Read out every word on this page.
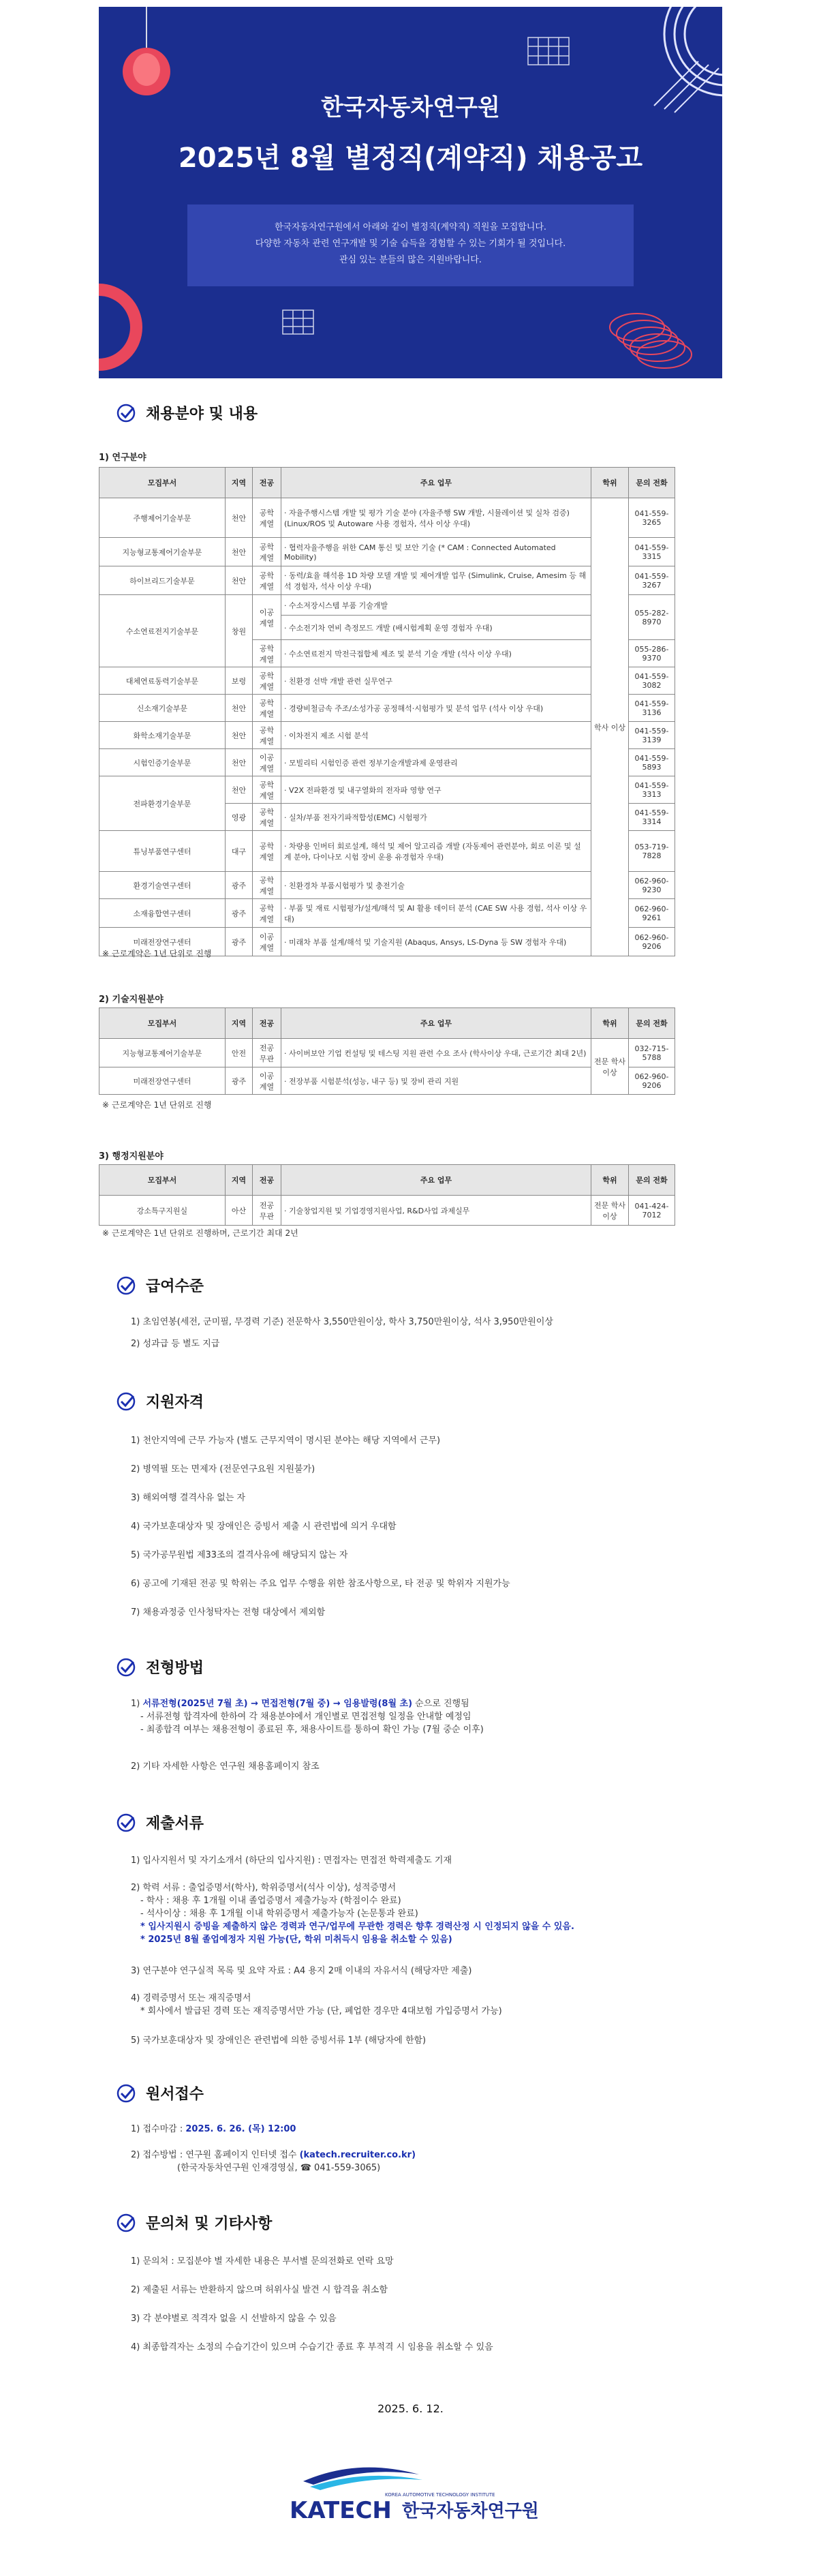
한국자동차연구원
2025년 8월 별정직(계약직) 채용공고
한국자동차연구원에서 아래와 같이 별정직(계약직) 직원을 모집합니다.
다양한 자동차 관련 연구개발 및 기술 습득을 경험할 수 있는 기회가 될 것입니다.
관심 있는 분들의 많은 지원바랍니다.
채용분야 및 내용
1) 연구분야
모집부서	지역	전공	주요 업무	학위	문의 전화
주행제어기술부문	천안	공학 계열	· 자율주행시스템 개발 및 평가 기술 분야 (자율주행 SW 개발, 시뮬레이션 및 실차 검증) (Linux/ROS 및 Autoware 사용 경험자, 석사 이상 우대)	학사 이상	041-559-3265
지능형교통제어기술부문	천안	공학 계열	· 협력자율주행을 위한 CAM 통신 및 보안 기술 (* CAM : Connected Automated Mobility)		041-559-3315
하이브리드기술부문	천안	공학 계열	· 동력/효율 해석용 1D 차량 모델 개발 및 제어개발 업무 (Simulink, Cruise, Amesim 등 해석 경험자, 석사 이상 우대)		041-559-3267
수소연료전지기술부문	창원	이공 계열	· 수소저장시스템 부품 기술개발		055-282-8970
			· 수소전기차 연비 측정모드 개발 (배시험계획 운영 경험자 우대)		
		공학 계열	· 수소연료전지 막전극접합체 제조 및 분석 기술 개발 (석사 이상 우대)		055-286-9370
대체연료동력기술부문	보령	공학 계열	· 친환경 선박 개발 관련 실무연구		041-559-3082
신소재기술부문	천안	공학 계열	· 경량비철금속 주조/소성가공 공정해석·시험평가 및 분석 업무 (석사 이상 우대)		041-559-3136
화학소재기술부문	천안	공학 계열	· 이차전지 제조 시험 분석		041-559-3139
시험인증기술부문	천안	이공 계열	· 모빌리티 시험인증 관련 정부기술개발과제 운영관리		041-559-5893
전파환경기술부문	천안	공학 계열	· V2X 전파환경 및 내구열화의 전자파 영향 연구		041-559-3313
	영광	공학 계열	· 실차/부품 전자기파적합성(EMC) 시험평가		041-559-3314
튜닝부품연구센터	대구	공학 계열	· 차량용 인버터 회로설계, 해석 및 제어 알고리즘 개발 (자동제어 관련분야, 회로 이론 및 설계 분야, 다이나모 시험 장비 운용 유경험자 우대)		053-719-7828
환경기술연구센터	광주	공학 계열	· 친환경차 부품시험평가 및 충전기술		062-960-9230
소재융합연구센터	광주	공학 계열	· 부품 및 재료 시험평가/설계/해석 및 AI 활용 데이터 분석 (CAE SW 사용 경험, 석사 이상 우대)		062-960-9261
미래전장연구센터	광주	이공 계열	· 미래차 부품 설계/해석 및 기술지원 (Abaqus, Ansys, LS-Dyna 등 SW 경험자 우대)		062-960-9206
※ 근로계약은 1년 단위로 진행
2) 기술지원분야
모집부서	지역	전공	주요 업무	학위	문의 전화
지능형교통제어기술부문	안전	전공 무관	· 사이버보안 기업 컨설팅 및 테스팅 지원 관련 수요 조사 (학사이상 우대, 근로기간 최대 2년)	전문 학사 이상	032-715-5788
미래전장연구센터	광주	이공 계열	· 전장부품 시험분석(성능, 내구 등) 및 장비 관리 지원		062-960-9206
※ 근로계약은 1년 단위로 진행
3) 행정지원분야
모집부서	지역	전공	주요 업무	학위	문의 전화
강소특구지원실	아산	전공 무관	· 기술창업지원 및 기업경영지원사업, R&D사업 과제실무	전문 학사 이상	041-424-7012
※ 근로계약은 1년 단위로 진행하며, 근로기간 최대 2년
급여수준
1) 초임연봉(세전, 군미필, 무경력 기준) 전문학사 3,550만원이상, 학사 3,750만원이상, 석사 3,950만원이상
2) 성과급 등 별도 지급
지원자격
1) 천안지역에 근무 가능자 (별도 근무지역이 명시된 분야는 해당 지역에서 근무)
2) 병역필 또는 면제자 (전문연구요원 지원불가)
3) 해외여행 결격사유 없는 자
4) 국가보훈대상자 및 장애인은 증빙서 제출 시 관련법에 의거 우대함
5) 국가공무원법 제33조의 결격사유에 해당되지 않는 자
6) 공고에 기재된 전공 및 학위는 주요 업무 수행을 위한 참조사항으로, 타 전공 및 학위자 지원가능
7) 채용과정중 인사청탁자는 전형 대상에서 제외함
전형방법
1) 서류전형(2025년 7월 초) → 면접전형(7월 중) → 임용발령(8월 초) 순으로 진행됨
- 서류전형 합격자에 한하여 각 채용분야에서 개인별로 면접전형 일정을 안내할 예정임
- 최종합격 여부는 채용전형이 종료된 후, 채용사이트를 통하여 확인 가능 (7월 중순 이후)
2) 기타 자세한 사항은 연구원 채용홈페이지 참조
제출서류
1) 입사지원서 및 자기소개서 (하단의 입사지원) : 면접자는 면접전 학력제출도 기재
2) 학력 서류 : 출업증명서(학사), 학위증명서(석사 이상), 성적증명서
- 학사 : 채용 후 1개월 이내 졸업증명서 제출가능자 (학점이수 완료)
- 석사이상 : 채용 후 1개월 이내 학위증명서 제출가능자 (논문통과 완료)
* 입사지원시 증빙을 제출하지 않은 경력과 연구/업무에 무관한 경력은 향후 경력산정 시 인정되지 않을 수 있음.
* 2025년 8월 졸업예정자 지원 가능(단, 학위 미취득시 임용을 취소할 수 있음)
3) 연구분야 연구실적 목록 및 요약 자료 : A4 용지 2매 이내의 자유서식 (해당자만 제출)
4) 경력증명서 또는 재직증명서
* 회사에서 발급된 경력 또는 재직증명서만 가능 (단, 폐업한 경우만 4대보험 가입증명서 가능)
5) 국가보훈대상자 및 장애인은 관련법에 의한 증빙서류 1부 (해당자에 한함)
원서접수
1) 접수마감 : 2025. 6. 26. (목) 12:00
2) 접수방법 : 연구원 홈페이지 인터넷 접수 (katech.recruiter.co.kr)
(한국자동차연구원 인재경영실, ☎ 041-559-3065)
문의처 및 기타사항
1) 문의처 : 모집분야 별 자세한 내용은 부서별 문의전화로 연락 요망
2) 제출된 서류는 반환하지 않으며 허위사실 발견 시 합격을 취소함
3) 각 분야별로 적격자 없을 시 선발하지 않을 수 있음
4) 최종합격자는 소정의 수습기간이 있으며 수습기간 종료 후 부적격 시 임용을 취소할 수 있음
2025. 6. 12.
KOREA AUTOMOTIVE TECHNOLOGY INSTITUTE
KATECH 한국자동차연구원
